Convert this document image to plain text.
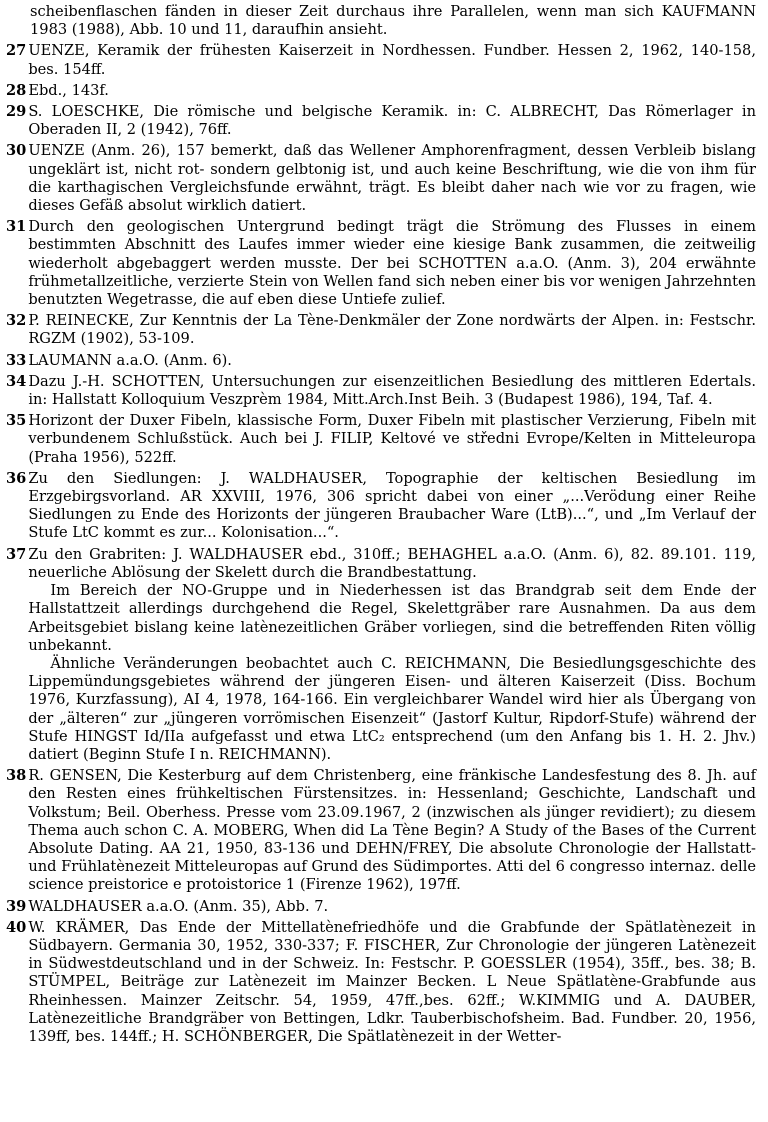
scheibenflaschen fänden in dieser Zeit durchaus ihre Parallelen, wenn man sich KAUFMANN 1983 (1988), Abb. 10 und 11, daraufhin ansieht.
27 UENZE, Keramik der frühesten Kaiserzeit in Nordhessen. Fundber. Hessen 2, 1962, 140-158, bes. 154ff.

28 Ebd., 143f.

29 S. LOESCHKE, Die römische und belgische Keramik. in: C. ALBRECHT, Das Römerlager in Oberaden II, 2 (1942), 76ff.

30 UENZE (Anm. 26), 157 bemerkt, daß das Wellener Amphorenfragment, dessen Verbleib bislang ungeklärt ist, nicht rot- sondern gelbtonig ist, und auch keine Beschriftung, wie die von ihm für die karthagischen Vergleichsfunde erwähnt, trägt. Es bleibt daher nach wie vor zu fragen, wie dieses Gefäß absolut wirklich datiert.

31 Durch den geologischen Untergrund bedingt trägt die Strömung des Flusses in einem bestimmten Abschnitt des Laufes immer wieder eine kiesige Bank zusammen, die zeitweilig wiederholt abgebaggert werden musste. Der bei SCHOTTEN a.a.O. (Anm. 3), 204 erwähnte frühmetallzeitliche, verzierte Stein von Wellen fand sich neben einer bis vor wenigen Jahrzehnten benutzten Wegetrasse, die auf eben diese Untiefe zulief.

32 P. REINECKE, Zur Kenntnis der La Tène-Denkmäler der Zone nordwärts der Alpen. in: Festschr. RGZM (1902), 53-109.

33 LAUMANN a.a.O. (Anm. 6).

34 Dazu J.-H. SCHOTTEN, Untersuchungen zur eisenzeitlichen Besiedlung des mittleren Edertals. in: Hallstatt Kolloquium Veszprèm 1984, Mitt.Arch.Inst Beih. 3 (Budapest 1986), 194, Taf. 4.

35 Horizont der Duxer Fibeln, klassische Form, Duxer Fibeln mit plastischer Verzierung, Fibeln mit verbundenem Schlußstück. Auch bei J. FILIP, Keltové ve středni Evrope/Kelten in Mitteleuropa (Praha 1956), 522ff.

36 Zu den Siedlungen: J. WALDHAUSER, Topographie der keltischen Besiedlung im Erzgebirgsvorland. AR XXVIII, 1976, 306 spricht dabei von einer „...Verödung einer Reihe Siedlungen zu Ende des Horizonts der jüngeren Braubacher Ware (LtB)...“, und „Im Verlauf der Stufe LtC kommt es zur... Kolonisation...“.

37 Zu den Grabriten: J. WALDHAUSER ebd., 310ff.; BEHAGHEL a.a.O. (Anm. 6), 82. 89.101. 119, neuerliche Ablösung der Skelett durch die Brandbestattung.

Im Bereich der NO-Gruppe und in Niederhessen ist das Brandgrab seit dem Ende der Hallstattzeit allerdings durchgehend die Regel, Skelettgräber rare Ausnahmen. Da aus dem Arbeitsgebiet bislang keine latènezeitlichen Gräber vorliegen, sind die betreffenden Riten völlig unbekannt.

Ähnliche Veränderungen beobachtet auch C. REICHMANN, Die Besiedlungsgeschichte des Lippemündungsgebietes während der jüngeren Eisen- und älteren Kaiserzeit (Diss. Bochum 1976, Kurzfassung), AI 4, 1978, 164-166. Ein vergleichbarer Wandel wird hier als Übergang von der „älteren“ zur „jüngeren vorrömischen Eisenzeit“ (Jastorf Kultur, Ripdorf-Stufe) während der Stufe HINGST Id/IIa aufgefasst und etwa LtC₂ entsprechend (um den Anfang bis 1. H. 2. Jhv.) datiert (Beginn Stufe I n. REICHMANN).

38 R. GENSEN, Die Kesterburg auf dem Christenberg, eine fränkische Landesfestung des 8. Jh. auf den Resten eines frühkeltischen Fürstensitzes. in: Hessenland; Geschichte, Landschaft und Volkstum; Beil. Oberhess. Presse vom 23.09.1967, 2 (inzwischen als jünger revidiert); zu diesem Thema auch schon C. A. MOBERG, When did La Tène Begin? A Study of the Bases of the Current Absolute Dating. AA 21, 1950, 83-136 und DEHN/FREY, Die absolute Chronologie der Hallstatt- und Frühlatènezeit Mitteleuropas auf Grund des Südimportes. Atti del 6 congresso internaz. delle science preistorice e protoistorice 1 (Firenze 1962), 197ff.

39 WALDHAUSER a.a.O. (Anm. 35), Abb. 7.

40 W. KRÄMER, Das Ende der Mittellatènefriedhöfe und die Grabfunde der Spätlatènezeit in Südbayern. Germania 30, 1952, 330-337; F. FISCHER, Zur Chronologie der jüngeren Latènezeit in Südwestdeutschland und in der Schweiz. In: Festschr. P. GOESSLER (1954), 35ff., bes. 38; B. STÜMPEL, Beiträge zur Latènezeit im Mainzer Becken. L Neue Spätlatène-Grabfunde aus Rheinhessen. Mainzer Zeitschr. 54, 1959, 47ff.,bes. 62ff.; W.KIMMIG und A. DAUBER, Latènezeitliche Brandgräber von Bettingen, Ldkr. Tauberbischofsheim. Bad. Fundber. 20, 1956, 139ff, bes. 144ff.; H. SCHÖNBERGER, Die Spätlatènezeit in der Wetter-
